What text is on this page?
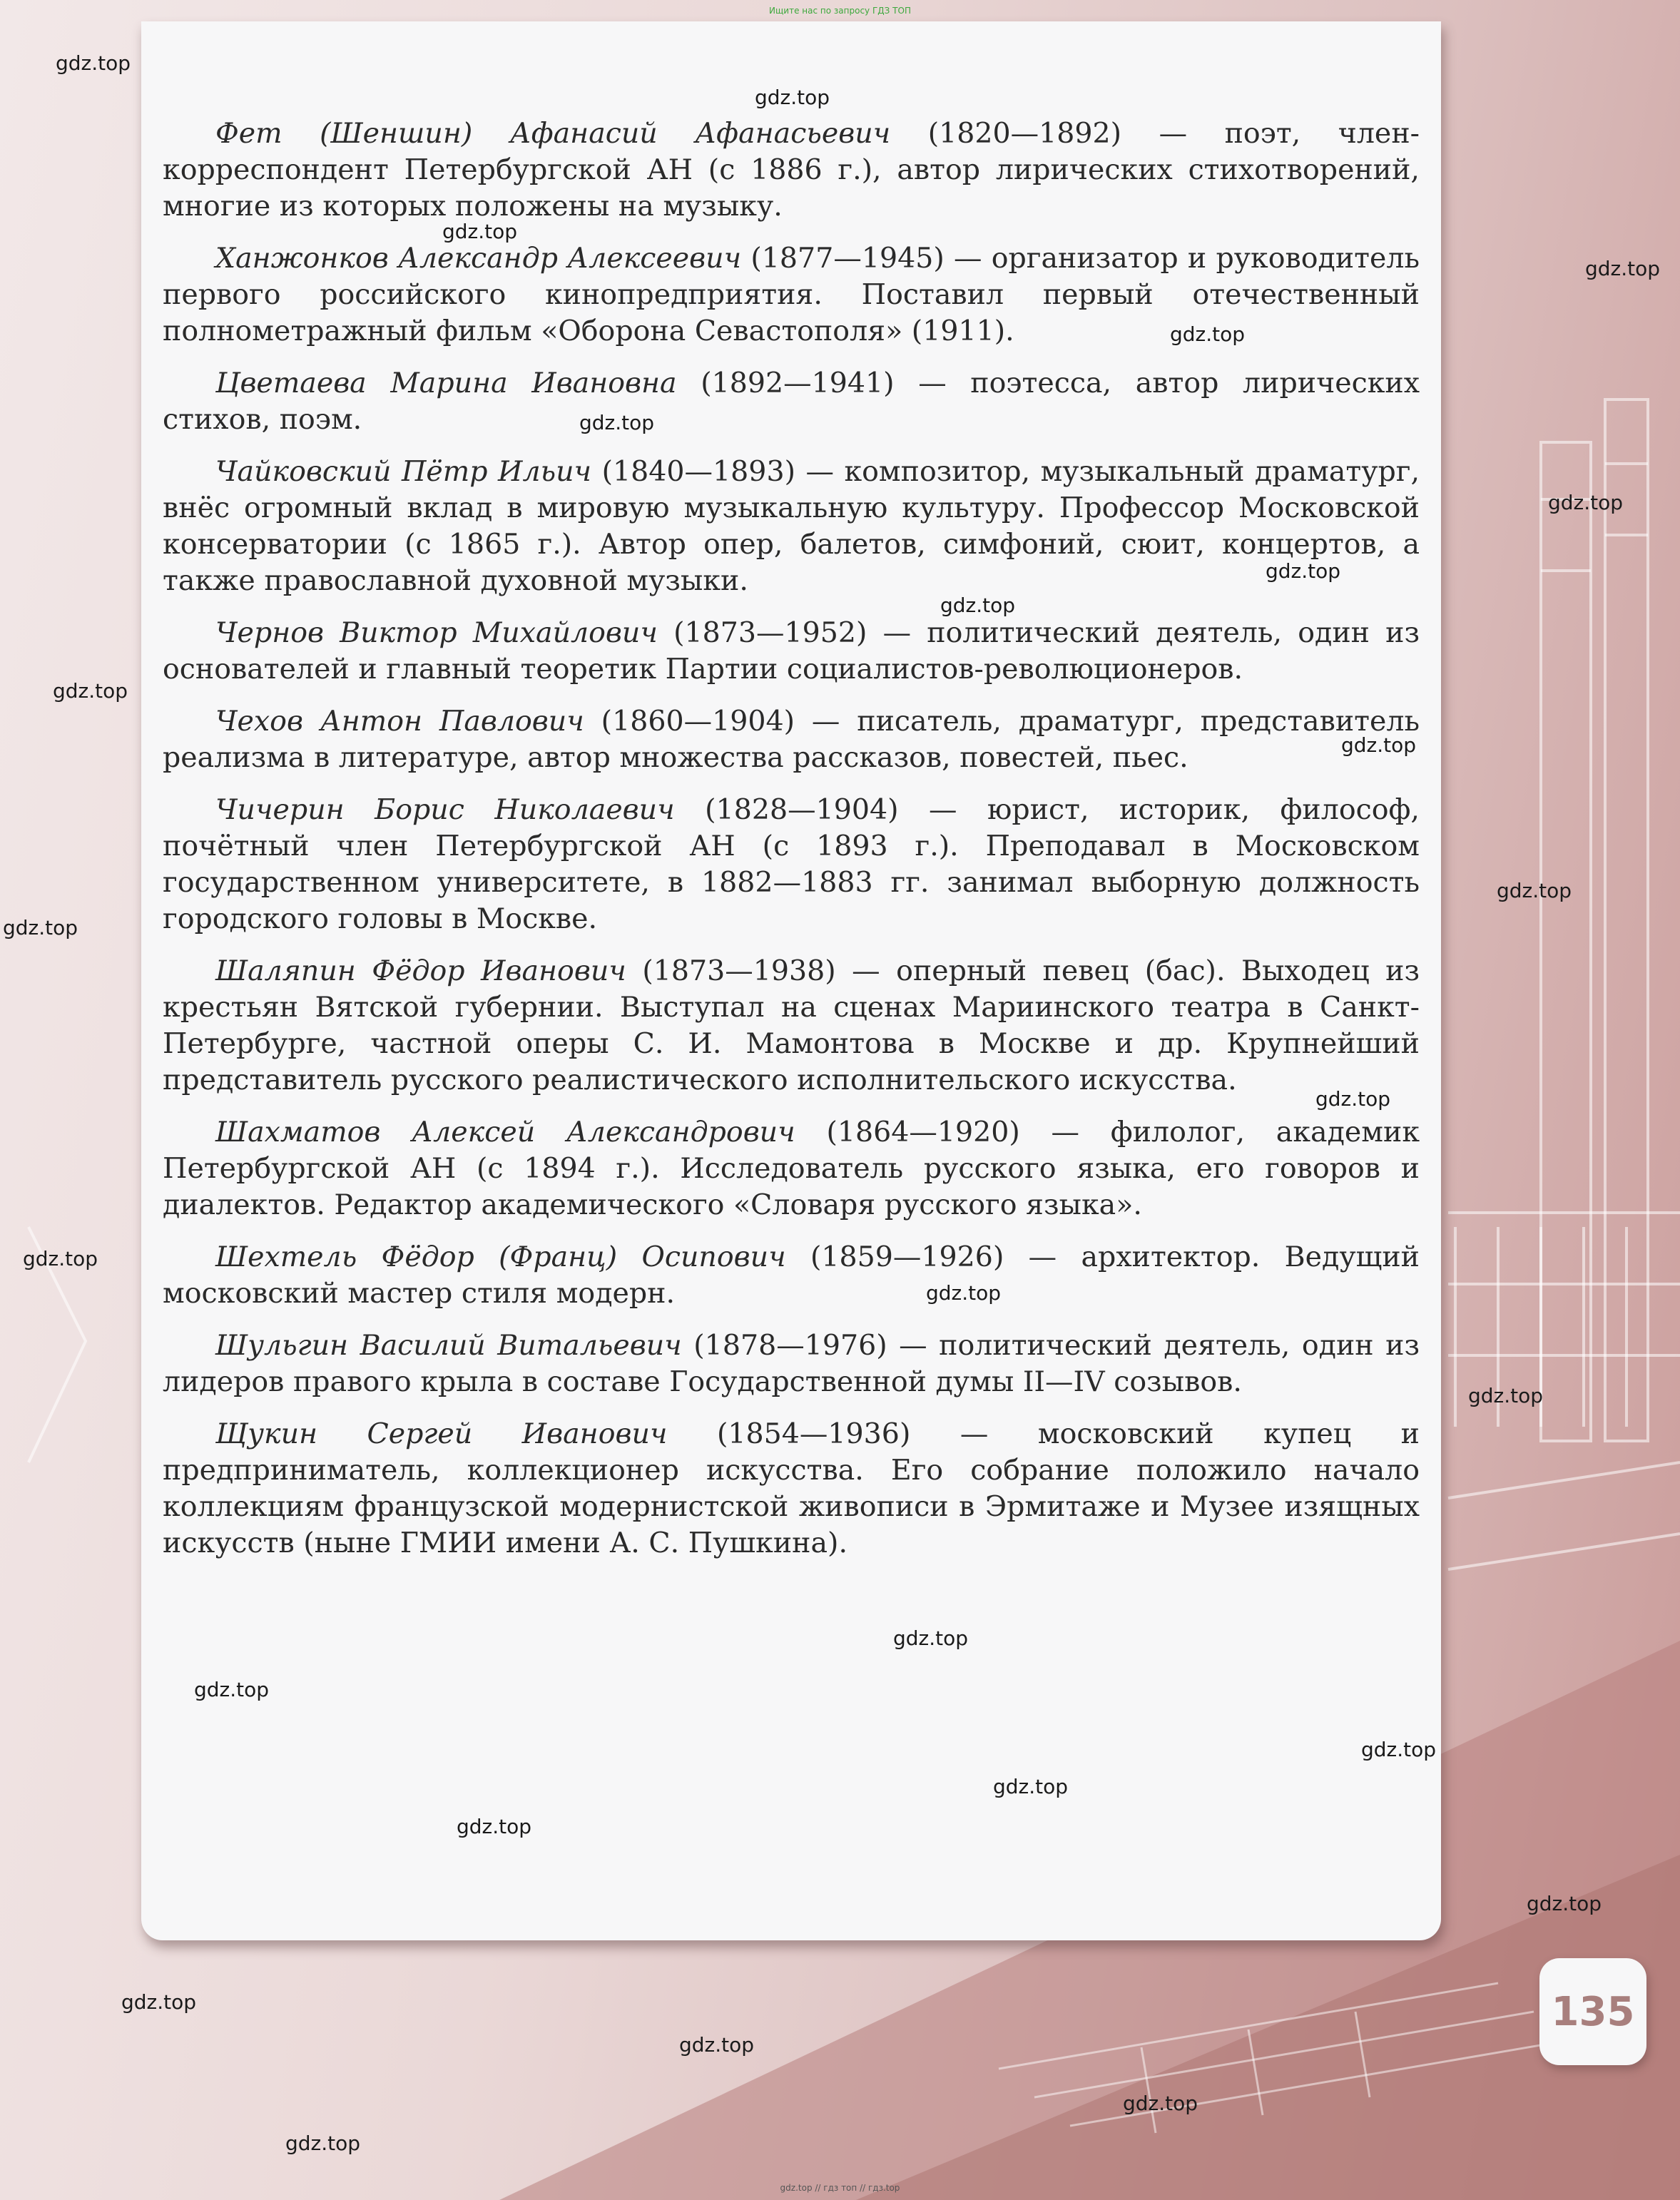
Ищите нас по запросу ГДЗ ТОП

Фет (Шеншин) Афанасий Афанасьевич (1820—1892) — поэт, член-корреспондент Петербургской АН (с 1886 г.), автор лирических стихотворений, многие из которых положены на музыку.

Ханжонков Александр Алексеевич (1877—1945) — организатор и руководитель первого российского кинопредприятия. Поставил первый отечественный полнометражный фильм «Оборона Севастополя» (1911).

Цветаева Марина Ивановна (1892—1941) — поэтесса, автор лирических стихов, поэм.

Чайковский Пётр Ильич (1840—1893) — композитор, музыкальный драматург, внёс огромный вклад в мировую музыкальную культуру. Профессор Московской консерватории (с 1865 г.). Автор опер, балетов, симфоний, сюит, концертов, а также православной духовной музыки.

Чернов Виктор Михайлович (1873—1952) — политический деятель, один из основателей и главный теоретик Партии социалистов-революционеров.

Чехов Антон Павлович (1860—1904) — писатель, драматург, представитель реализма в литературе, автор множества рассказов, повестей, пьес.

Чичерин Борис Николаевич (1828—1904) — юрист, историк, философ, почётный член Петербургской АН (с 1893 г.). Преподавал в Московском государственном университете, в 1882—1883 гг. занимал выборную должность городского головы в Москве.

Шаляпин Фёдор Иванович (1873—1938) — оперный певец (бас). Выходец из крестьян Вятской губернии. Выступал на сценах Мариинского театра в Санкт-Петербурге, частной оперы С. И. Мамонтова в Москве и др. Крупнейший представитель русского реалистического исполнительского искусства.

Шахматов Алексей Александрович (1864—1920) — филолог, академик Петербургской АН (с 1894 г.). Исследователь русского языка, его говоров и диалектов. Редактор академического «Словаря русского языка».

Шехтель Фёдор (Франц) Осипович (1859—1926) — архитектор. Ведущий московский мастер стиля модерн.

Шульгин Василий Витальевич (1878—1976) — политический деятель, один из лидеров правого крыла в составе Государственной думы II—IV созывов.

Щукин Сергей Иванович (1854—1936) — московский купец и предприниматель, коллекционер искусства. Его собрание положило начало коллекциям французской модернистской живописи в Эрмитаже и Музее изящных искусств (ныне ГМИИ имени А. С. Пушкина).

135
gdz.top
gdz.top
gdz.top
gdz.top
gdz.top
gdz.top
gdz.top
gdz.top
gdz.top
gdz.top
gdz.top
gdz.top
gdz.top
gdz.top
gdz.top
gdz.top
gdz.top
gdz.top
gdz.top
gdz.top
gdz.top
gdz.top
gdz.top
gdz.top
gdz.top
gdz.top
gdz.top
gdz.top // гдз топ // гдз.top
